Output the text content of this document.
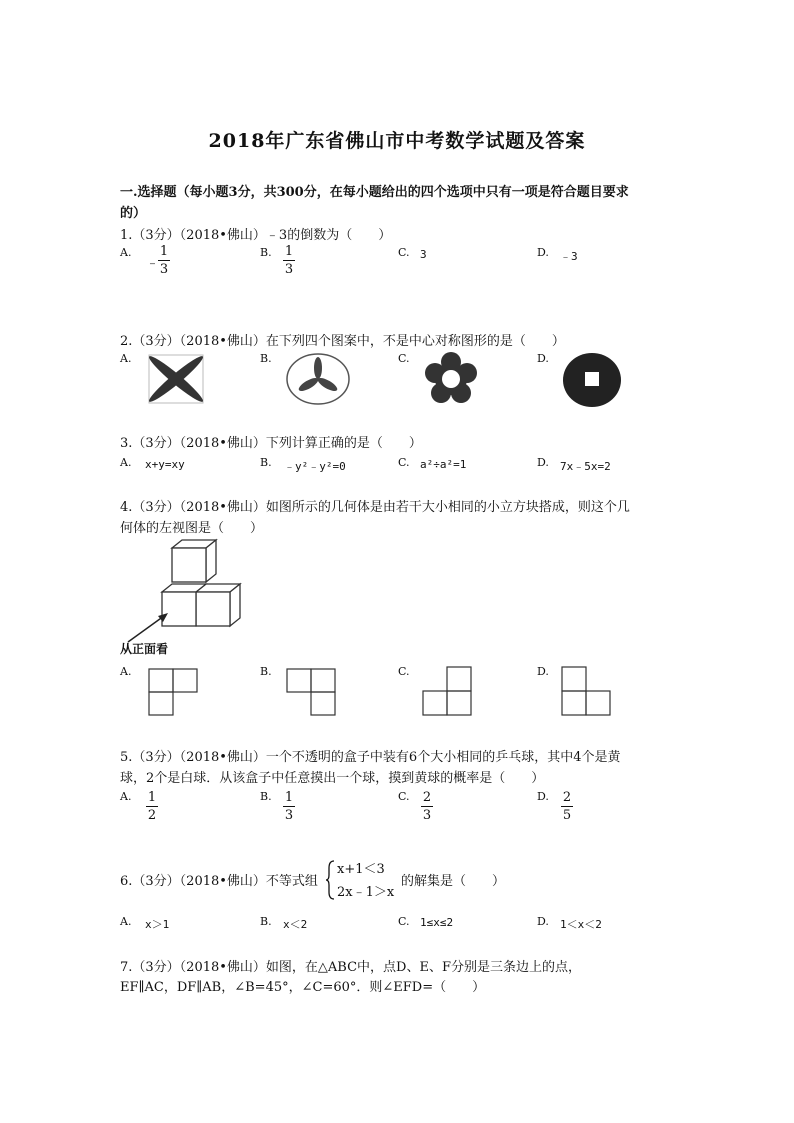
2018年广东省佛山市中考数学试题及答案
一.选择题（每小题3分，共300分，在每小题给出的四个选项中只有一项是符合题目要求
的）
1.（3分）（2018•佛山）﹣3的倒数为（　　）
A.
﹣
1
3
B. 1
3
C. 3	D. ﹣3
2.（3分）（2018•佛山）在下列四个图案中，不是中心对称图形的是（　　）
A.	B.	C.	D.
3.（3分）（2018•佛山）下列计算正确的是（　　）
A. x+y=xy	B. ﹣y²﹣y²=0	C. a²÷a²=1	D. 7x﹣5x=2
4.（3分）（2018•佛山）如图所示的几何体是由若干大小相同的小立方块搭成，则这个几
何体的左视图是（　　）
从正面看
A.	B.	C.	D.
5.（3分）（2018•佛山）一个不透明的盒子中装有6个大小相同的乒乓球，其中4个是黄
球，2个是白球．从该盒子中任意摸出一个球，摸到黄球的概率是（　　）
A. 1
2
B. 1
3
C. 2
3
D. 2
5
6.（3分）（2018•佛山）不等式组
x+1＜3
2x﹣1＞x
的解集是（　　）
A. x＞1	B. x＜2	C. 1≤x≤2	D. 1＜x＜2
7.（3分）（2018•佛山）如图，在△ABC中，点D、E、F分别是三条边上的点，
EF∥AC，DF∥AB，∠B=45°，∠C=60°．则∠EFD=（　　）
